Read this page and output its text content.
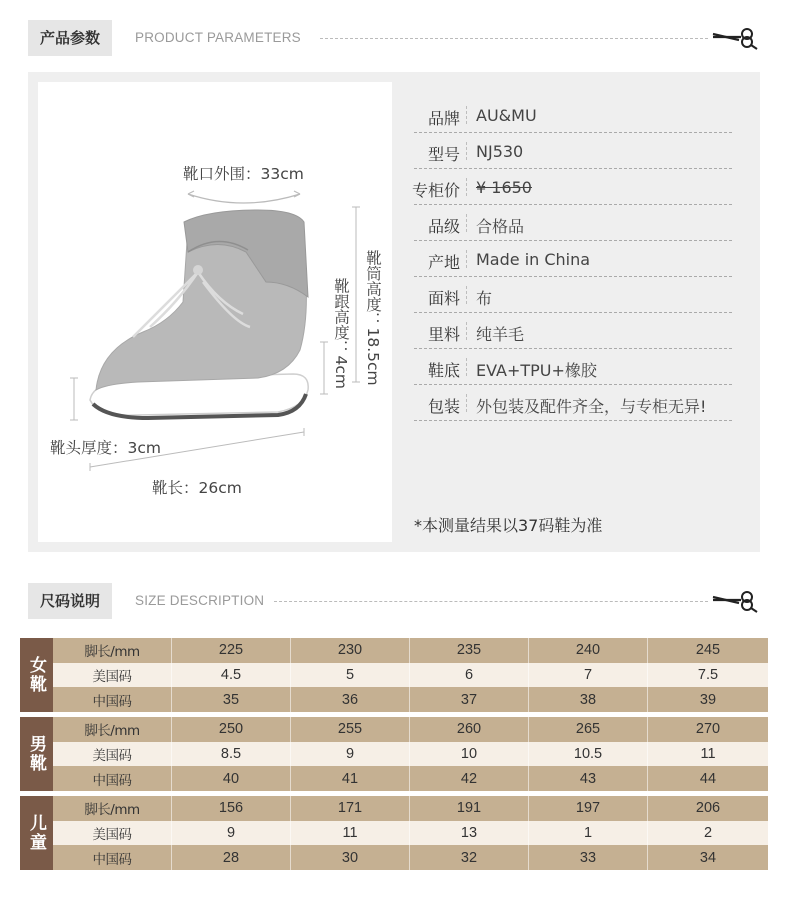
产品参数	PRODUCT PARAMETERS
靴口外围：33cm
靴筒高度：18.5cm
靴跟高度：4cm
靴头厚度：3cm
靴长：26cm
品牌 AU&MU
型号 NJ530
专柜价 ¥ 1650
品级 合格品
产地 Made in China
面料 布
里料 纯羊毛
鞋底 EVA+TPU+橡胶
包装 外包装及配件齐全，与专柜无异!
*本测量结果以37码鞋为准
尺码说明	SIZE DESCRIPTION
女靴
脚长/mm	225	230	235	240	245
美国码	4.5	5	6	7	7.5
中国码	35	36	37	38	39
男靴
脚长/mm	250	255	260	265	270
美国码	8.5	9	10	10.5	11
中国码	40	41	42	43	44
儿童
脚长/mm	156	171	191	197	206
美国码	9	11	13	1	2
中国码	28	30	32	33	34
